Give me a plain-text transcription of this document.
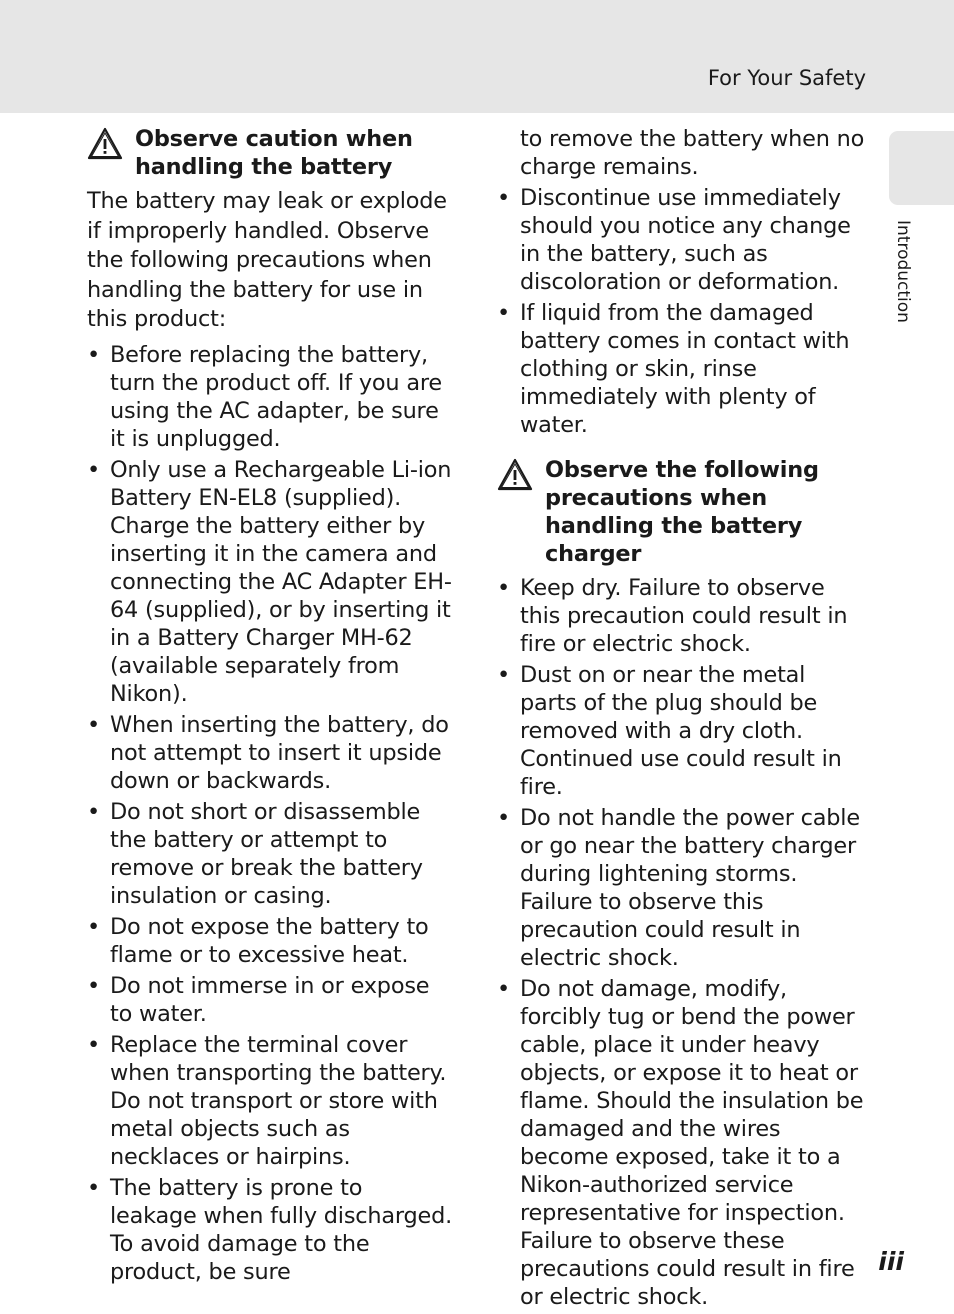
For Your Safety
Introduction
Observe caution when handling the battery
The battery may leak or explode if improperly handled. Observe the following precautions when handling the battery for use in this product:
• Before replacing the battery, turn the product off. If you are using the AC adapter, be sure it is unplugged.
• Only use a Rechargeable Li-ion Battery EN-EL8 (supplied). Charge the battery either by inserting it in the camera and connecting the AC Adapter EH-64 (supplied), or by inserting it in a Battery Charger MH-62 (available separately from Nikon).
• When inserting the battery, do not attempt to insert it upside down or backwards.
• Do not short or disassemble the battery or attempt to remove or break the battery insulation or casing.
• Do not expose the battery to flame or to excessive heat.
• Do not immerse in or expose to water.
• Replace the terminal cover when transporting the battery. Do not transport or store with metal objects such as necklaces or hairpins.
• The battery is prone to leakage when fully discharged. To avoid damage to the product, be sure
to remove the battery when no charge remains.
• Discontinue use immediately should you notice any change in the battery, such as discoloration or deformation.
• If liquid from the damaged battery comes in contact with clothing or skin, rinse immediately with plenty of water.
Observe the following precautions when handling the battery charger
• Keep dry. Failure to observe this precaution could result in fire or electric shock.
• Dust on or near the metal parts of the plug should be removed with a dry cloth. Continued use could result in fire.
• Do not handle the power cable or go near the battery charger during lightening storms. Failure to observe this precaution could result in electric shock.
• Do not damage, modify, forcibly tug or bend the power cable, place it under heavy objects, or expose it to heat or flame. Should the insulation be damaged and the wires become exposed, take it to a Nikon-authorized service representative for inspection. Failure to observe these precautions could result in fire or electric shock.
iii
